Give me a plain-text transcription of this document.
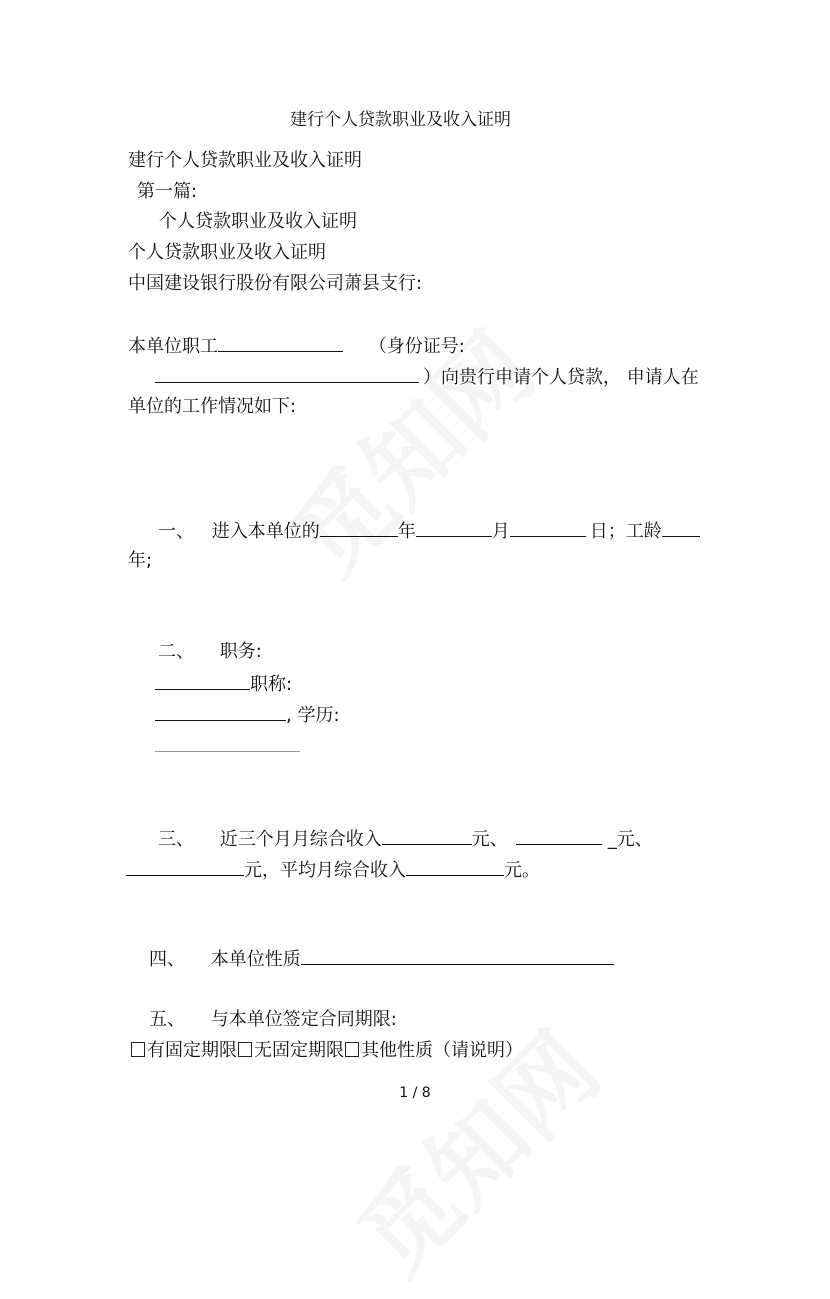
建行个人贷款职业及收入证明
建行个人贷款职业及收入证明
第一篇:
个人贷款职业及收入证明
个人贷款职业及收入证明
中国建设银行股份有限公司萧县支行:
本单位职工	（身份证号:
）向贵行申请个人贷款， 申请人在
单位的工作情况如下:
一、 进入本单位的	年	月	日；工龄
年;
二、 职务:
职称:
, 学历:
三、 近三个月月综合收入	元、	_元、
元，平均月综合收入	元。
四、 本单位性质
五、 与本单位签定合同期限:
有固定期限 无固定期限 其他性质（请说明）
1 / 8
